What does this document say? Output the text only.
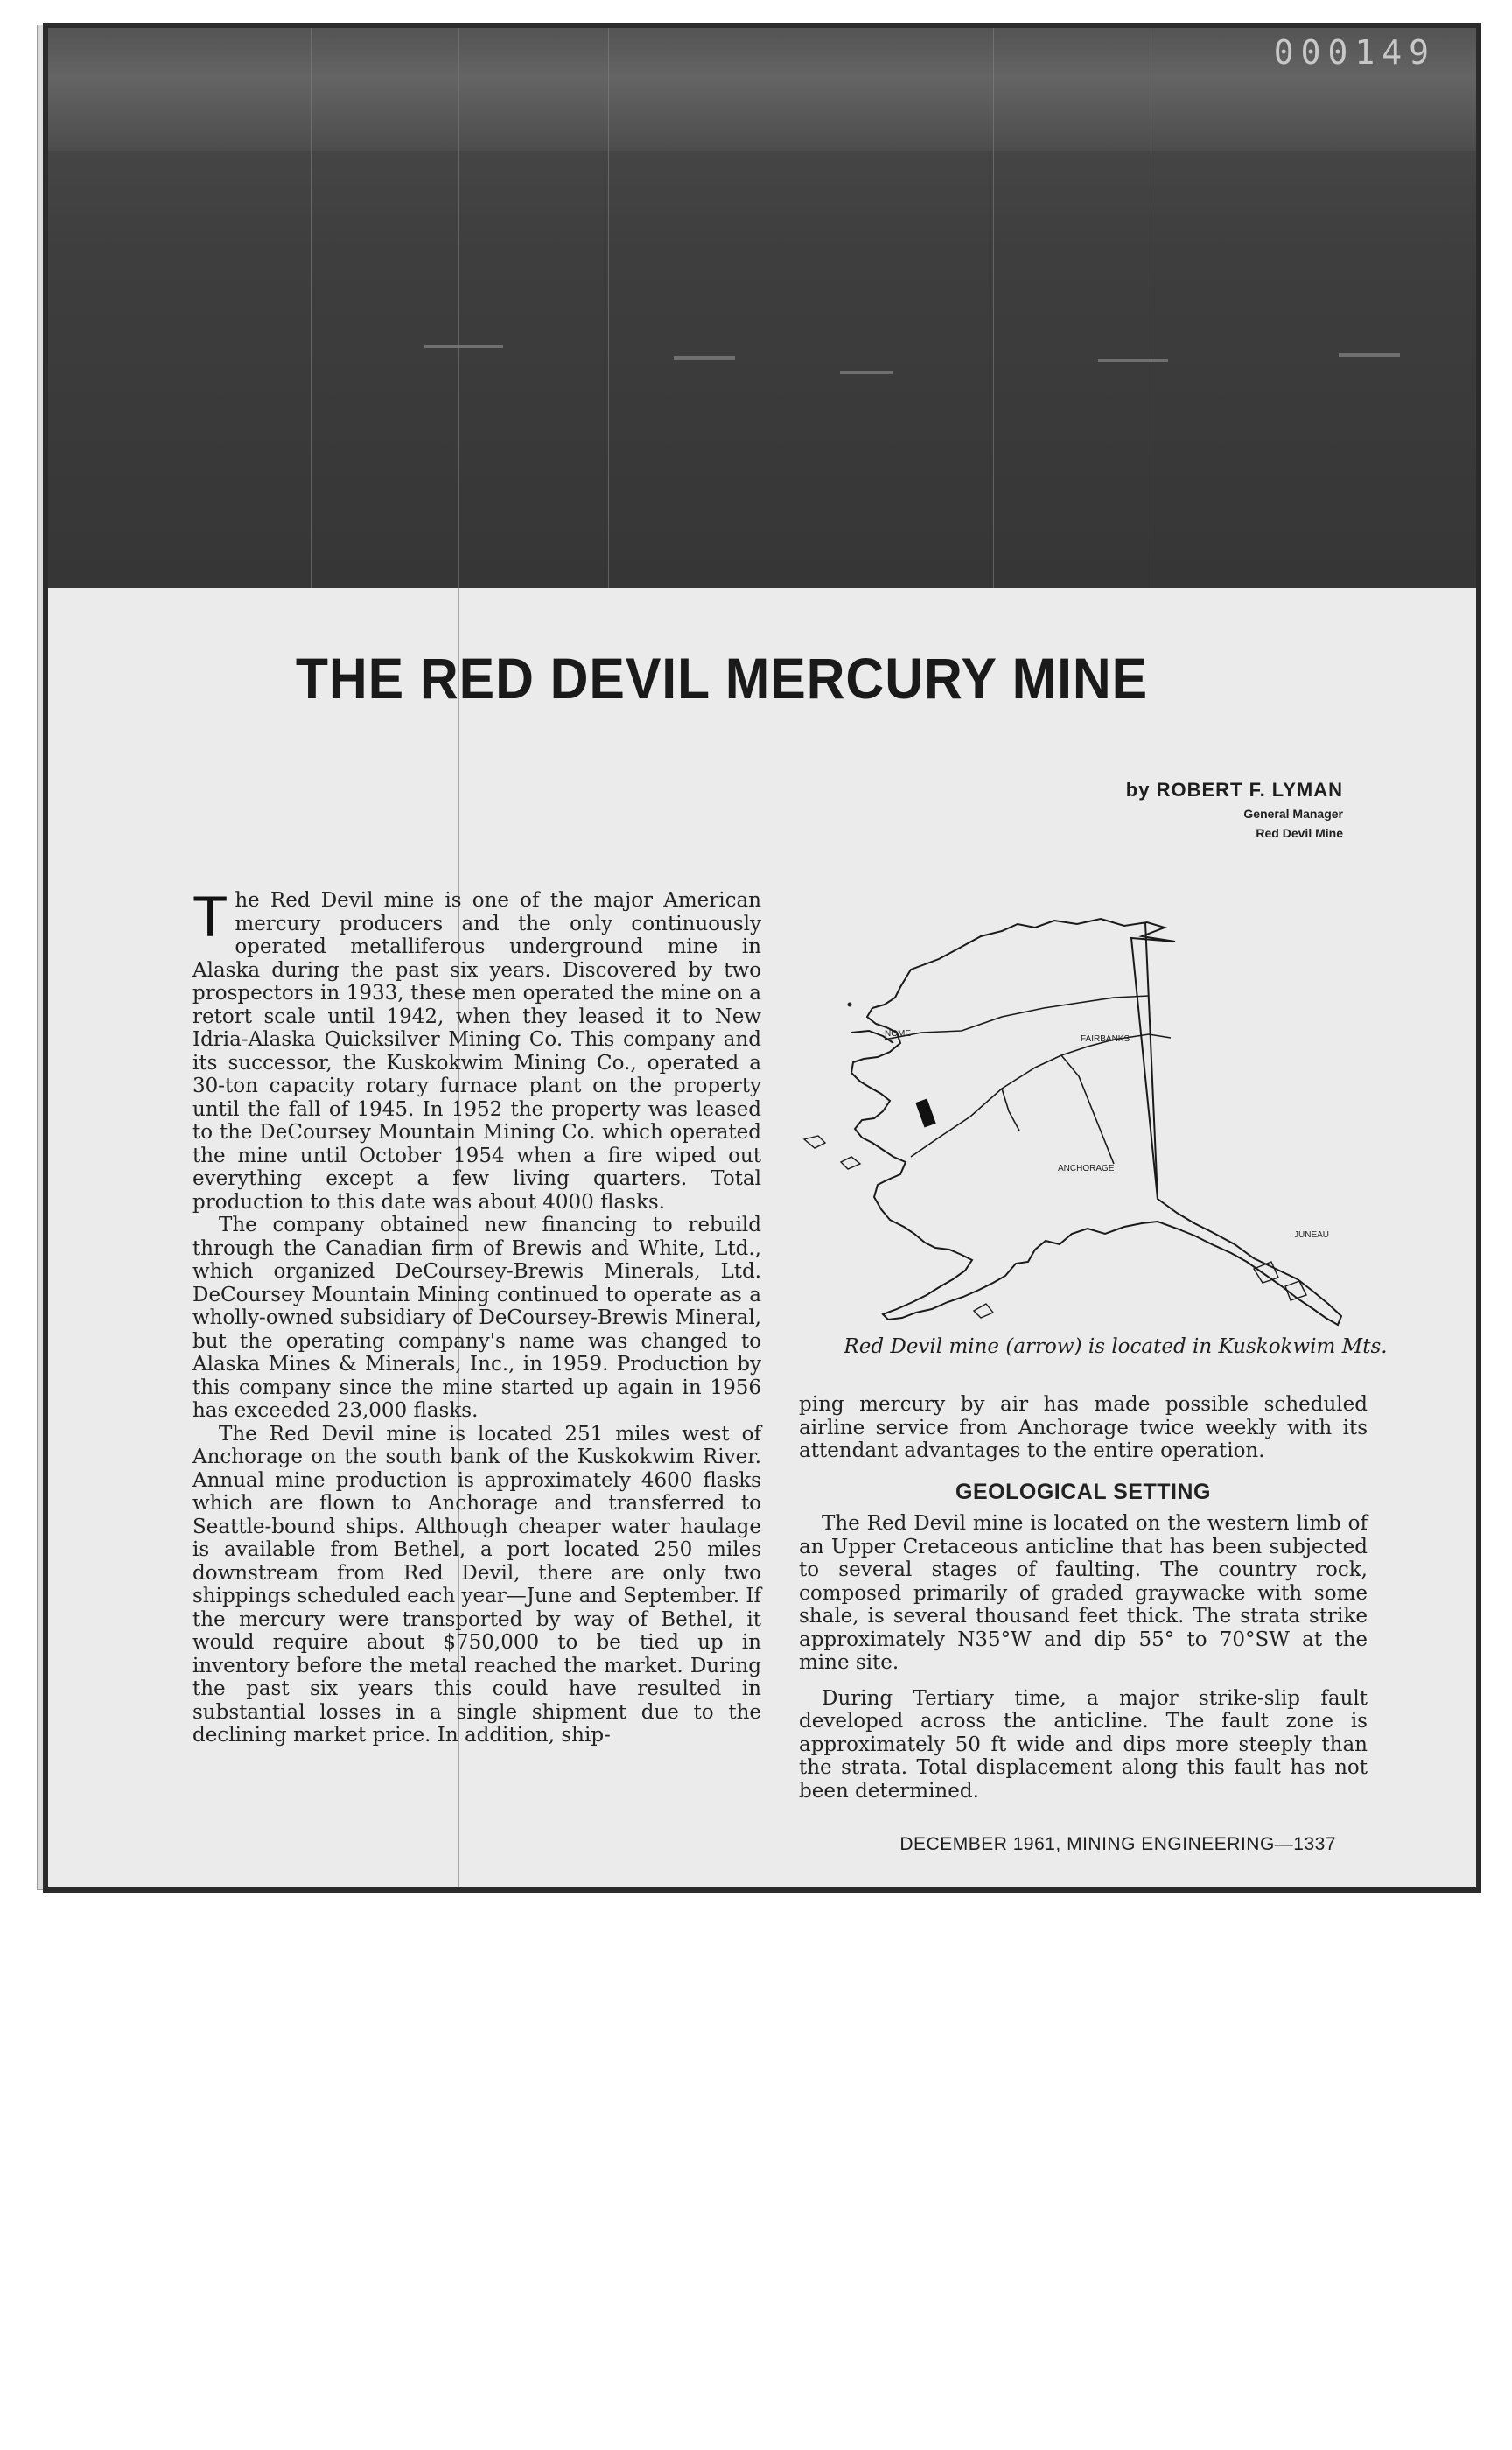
000149
THE RED DEVIL MERCURY MINE
by ROBERT F. LYMAN
General Manager
Red Devil Mine

The Red Devil mine is one of the major American mercury producers and the only continuously operated metalliferous underground mine in Alaska during the past six years. Discovered by two prospectors in 1933, these men operated the mine on a retort scale until 1942, when they leased it to New Idria-Alaska Quicksilver Mining Co. This company and its successor, the Kuskokwim Mining Co., operated a 30-ton capacity rotary furnace plant on the property until the fall of 1945. In 1952 the property was leased to the DeCoursey Mountain Mining Co. which operated the mine until October 1954 when a fire wiped out everything except a few living quarters. Total production to this date was about 4000 flasks.

The company obtained new financing to rebuild through the Canadian firm of Brewis and White, Ltd., which organized DeCoursey-Brewis Minerals, Ltd. DeCoursey Mountain Mining continued to operate as a wholly-owned subsidiary of DeCoursey-Brewis Mineral, but the operating company's name was changed to Alaska Mines & Minerals, Inc., in 1959. Production by this company since the mine started up again in 1956 has exceeded 23,000 flasks.

The Red Devil mine is located 251 miles west of Anchorage on the south bank of the Kuskokwim River. Annual mine production is approximately 4600 flasks which are flown to Anchorage and transferred to Seattle-bound ships. Although cheaper water haulage is available from Bethel, a port located 250 miles downstream from Red Devil, there are only two shippings scheduled each year—June and September. If the mercury were transported by way of Bethel, it would require about $750,000 to be tied up in inventory before the metal reached the market. During the past six years this could have resulted in substantial losses in a single shipment due to the declining market price. In addition, ship-

NOME
FAIRBANKS
ANCHORAGE
JUNEAU
Red Devil mine (arrow) is located in Kuskokwim Mts.

ping mercury by air has made possible scheduled airline service from Anchorage twice weekly with its attendant advantages to the entire operation.

GEOLOGICAL SETTING

The Red Devil mine is located on the western limb of an Upper Cretaceous anticline that has been subjected to several stages of faulting. The country rock, composed primarily of graded graywacke with some shale, is several thousand feet thick. The strata strike approximately N35°W and dip 55° to 70°SW at the mine site.

During Tertiary time, a major strike-slip fault developed across the anticline. The fault zone is approximately 50 ft wide and dips more steeply than the strata. Total displacement along this fault has not been determined.

DECEMBER 1961, MINING ENGINEERING—1337
